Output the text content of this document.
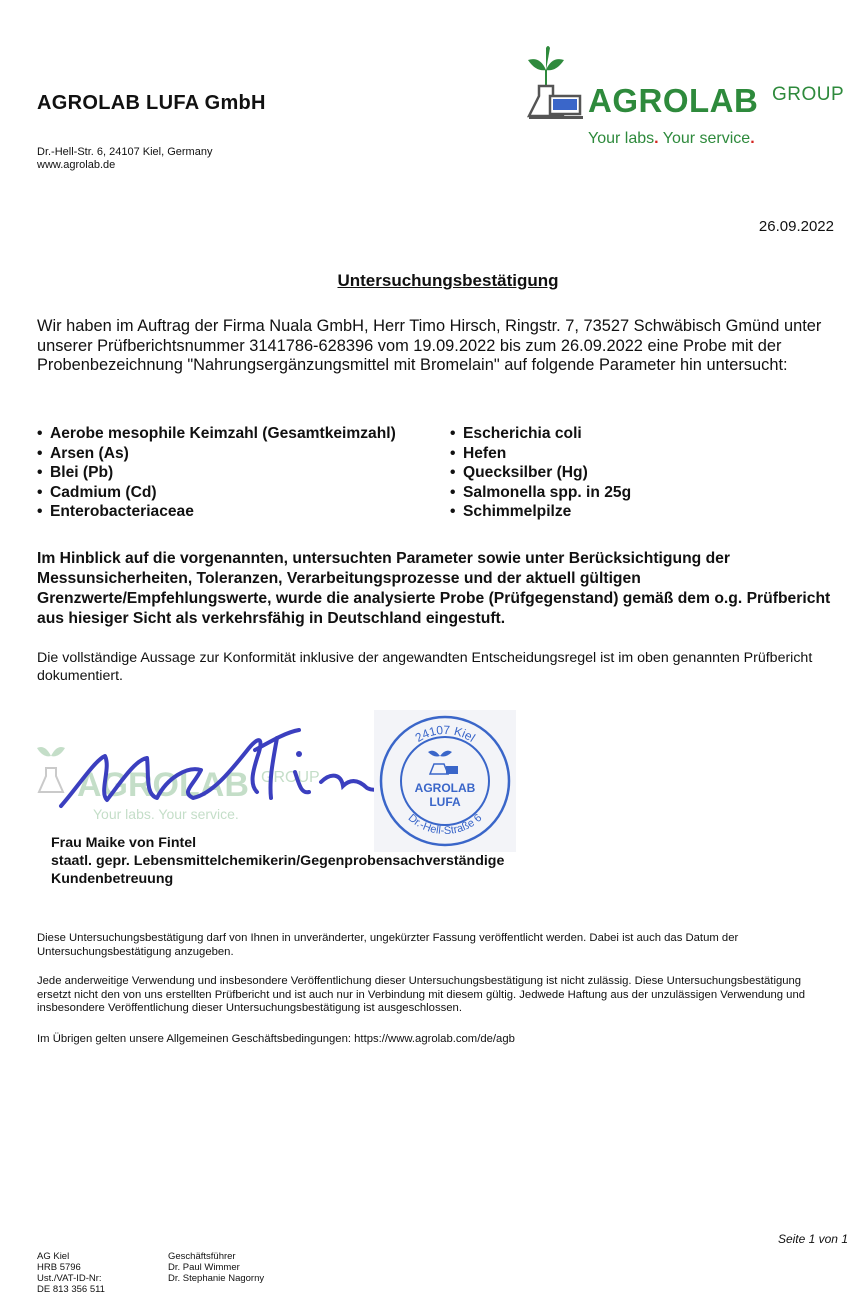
AGROLAB LUFA GmbH
Dr.-Hell-Str. 6, 24107 Kiel, Germany
www.agrolab.de
AGROLAB GROUP
Your labs. Your service.
26.09.2022
Untersuchungsbestätigung
Wir haben im Auftrag der Firma Nuala GmbH, Herr Timo Hirsch, Ringstr. 7, 73527 Schwäbisch Gmünd unter unserer Prüfberichtsnummer 3141786-628396 vom 19.09.2022 bis zum 26.09.2022 eine Probe mit der Probenbezeichnung "Nahrungsergänzungsmittel mit Bromelain" auf folgende Parameter hin untersucht:
• Aerobe mesophile Keimzahl (Gesamtkeimzahl)
• Arsen (As)
• Blei (Pb)
• Cadmium (Cd)
• Enterobacteriaceae
• Escherichia coli
• Hefen
• Quecksilber (Hg)
• Salmonella spp. in 25g
• Schimmelpilze
Im Hinblick auf die vorgenannten, untersuchten Parameter sowie unter Berücksichtigung der Messunsicherheiten, Toleranzen, Verarbeitungsprozesse und der aktuell gültigen Grenzwerte/Empfehlungswerte, wurde die analysierte Probe (Prüfgegenstand) gemäß dem o.g. Prüfbericht aus hiesiger Sicht als verkehrsfähig in Deutschland eingestuft.
Die vollständige Aussage zur Konformität inklusive der angewandten Entscheidungsregel ist im oben genannten Prüfbericht dokumentiert.
AGROLAB GROUP
Your labs. Your service.
24107 Kiel
Dr.-Hell-Straße 6
AGROLAB
LUFA
Frau Maike von Fintel
staatl. gepr. Lebensmittelchemikerin/Gegenprobensachverständige
Kundenbetreuung
Diese Untersuchungsbestätigung darf von Ihnen in unveränderter, ungekürzter Fassung veröffentlicht werden. Dabei ist auch das Datum der Untersuchungsbestätigung anzugeben.
Jede anderweitige Verwendung und insbesondere Veröffentlichung dieser Untersuchungsbestätigung ist nicht zulässig. Diese Untersuchungsbestätigung ersetzt nicht den von uns erstellten Prüfbericht und ist auch nur in Verbindung mit diesem gültig. Jedwede Haftung aus der unzulässigen Verwendung und insbesondere Veröffentlichung dieser Untersuchungsbestätigung ist ausgeschlossen.
Im Übrigen gelten unsere Allgemeinen Geschäftsbedingungen: https://www.agrolab.com/de/agb
Seite 1 von 1
AG Kiel
HRB 5796
Ust./VAT-ID-Nr:
DE 813 356 511
Geschäftsführer
Dr. Paul Wimmer
Dr. Stephanie Nagorny
